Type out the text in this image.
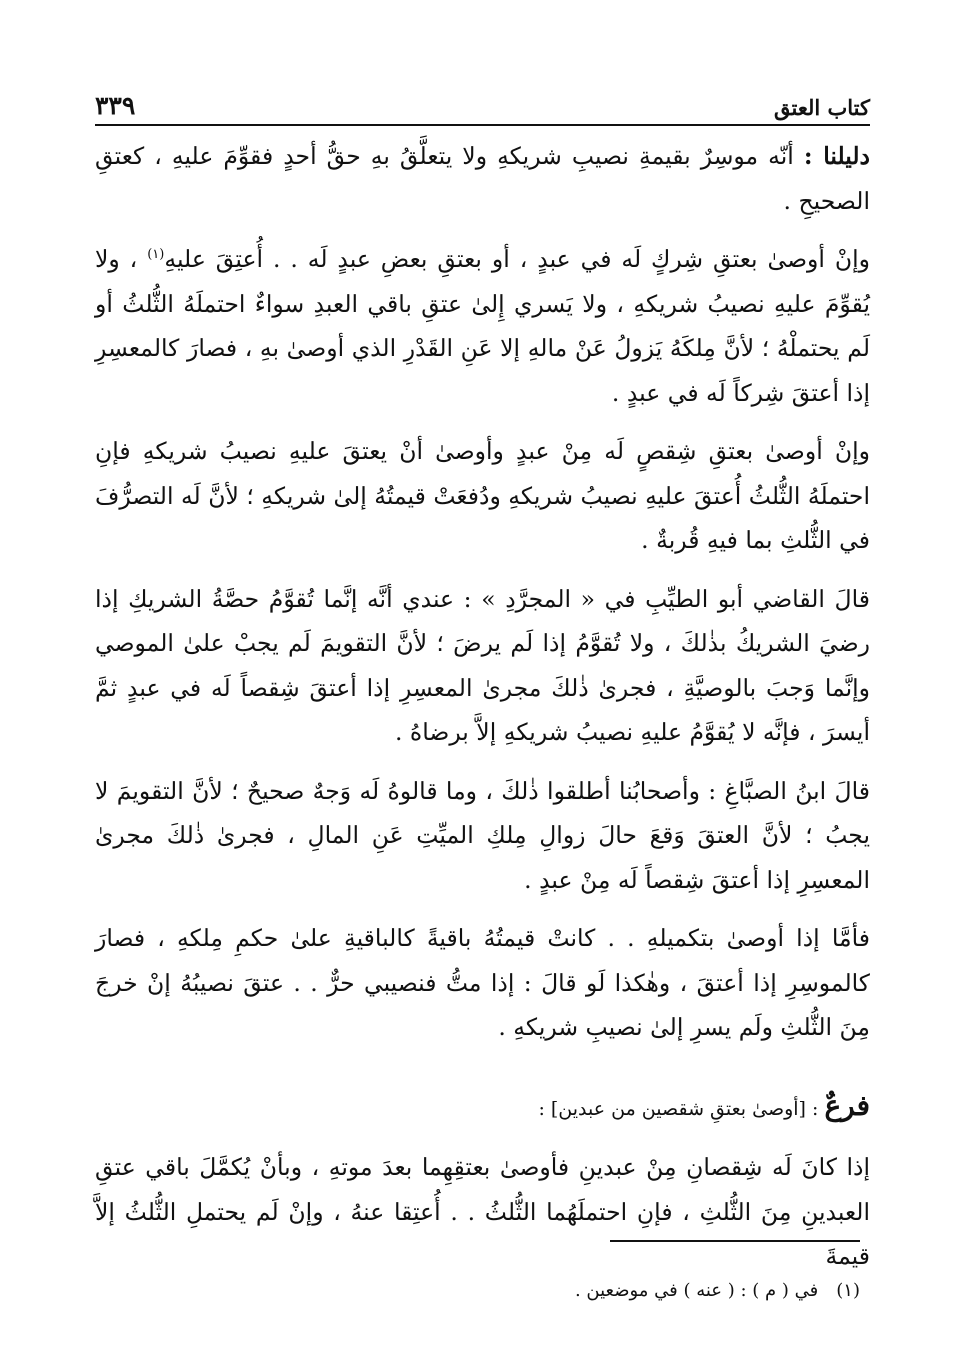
كتاب العتق
٣٣٩

دليلنا : أنّه موسِرٌ بقيمةِ نصيبِ شريكهِ ولا يتعلَّقُ بهِ حقُّ أحدٍ فقوِّمَ عليهِ ، كعتقِ الصحيحِ .

وإنْ أوصىٰ بعتقِ شِركٍ لَه في عبدٍ ، أو بعتقِ بعضِ عبدٍ لَه . . أُعتِقَ عليهِ$^{(١)}$ ، ولا يُقوِّمَ عليهِ نصيبُ شريكهِ ، ولا يَسري إِلىٰ عتقِ باقي العبدِ سواءٌ احتملَهُ الثُّلثُ أو لَم يحتملْهُ ؛ لأنَّ مِلكَهُ يَزولُ عَنْ مالهِ إلا عَنِ القَدْرِ الذي أوصىٰ بهِ ، فصارَ كالمعسِرِ إذا أعتقَ شِركاً لَه في عبدٍ .

وإنْ أوصىٰ بعتقِ شِقصٍ لَه مِنْ عبدٍ وأوصىٰ أنْ يعتقَ عليهِ نصيبُ شريكهِ فإنِ احتملَهُ الثُّلثُ أُعتقَ عليهِ نصيبُ شريكهِ ودُفعَتْ قيمتُهُ إلىٰ شريكهِ ؛ لأنَّ لَه التصرُّفَ في الثُّلثِ بما فيهِ قُربةٌ .

قالَ القاضي أبو الطيِّبِ في « المجرَّدِ » : عندي أنَّه إنَّما تُقوَّمُ حصَّةُ الشريكِ إذا رضيَ الشريكُ بذٰلكَ ، ولا تُقوَّمُ إذا لَم يرضَ ؛ لأنَّ التقويمَ لَم يجبْ علىٰ الموصي وإنَّما وَجبَ بالوصيَّةِ ، فجرىٰ ذٰلكَ مجرىٰ المعسِرِ إذا أعتقَ شِقصاً لَه في عبدٍ ثمَّ أيسرَ ، فإنَّه لا يُقوَّمُ عليهِ نصيبُ شريكهِ إلاَّ برضاهُ .

قالَ ابنُ الصبَّاغِ : وأصحابُنا أطلقوا ذٰلكَ ، وما قالوهُ لَه وَجهٌ صحيحٌ ؛ لأنَّ التقويمَ لا يجبُ ؛ لأنَّ العتقَ وَقعَ حالَ زوالِ مِلكِ الميِّتِ عَنِ المالِ ، فجرىٰ ذٰلكَ مجرىٰ المعسِرِ إذا أعتقَ شِقصاً لَه مِنْ عبدٍ .

فأمَّا إذا أوصىٰ بتكميلهِ . . كانتْ قيمتُهُ باقيةً كالباقيةِ علىٰ حكمِ مِلكهِ ، فصارَ كالموسِرِ إذا أعتقَ ، وهٰكذا لَو قالَ : إذا متُّ فنصيبي حرٌّ . . عتقَ نصيبُهُ إنْ خرجَ مِنَ الثُّلثِ ولَم يسرِ إلىٰ نصيبِ شريكهِ .

فرعٌ : [أوصىٰ بعتقِ شقصين من عبدين] :

إذا كانَ لَه شِقصانِ مِنْ عبدينِ فأوصىٰ بعتقِهِما بعدَ موتهِ ، وبأنْ يُكمَّلَ باقي عتقِ العبدينِ مِنَ الثُّلثِ ، فإنِ احتملَهُما الثُّلثُ . . أُعتِقا عنهُ ، وإنْ لَم يحتملِ الثُّلثُ إلاَّ قيمةَ

(١)في ( م ) : ( عنه ) في موضعين .
